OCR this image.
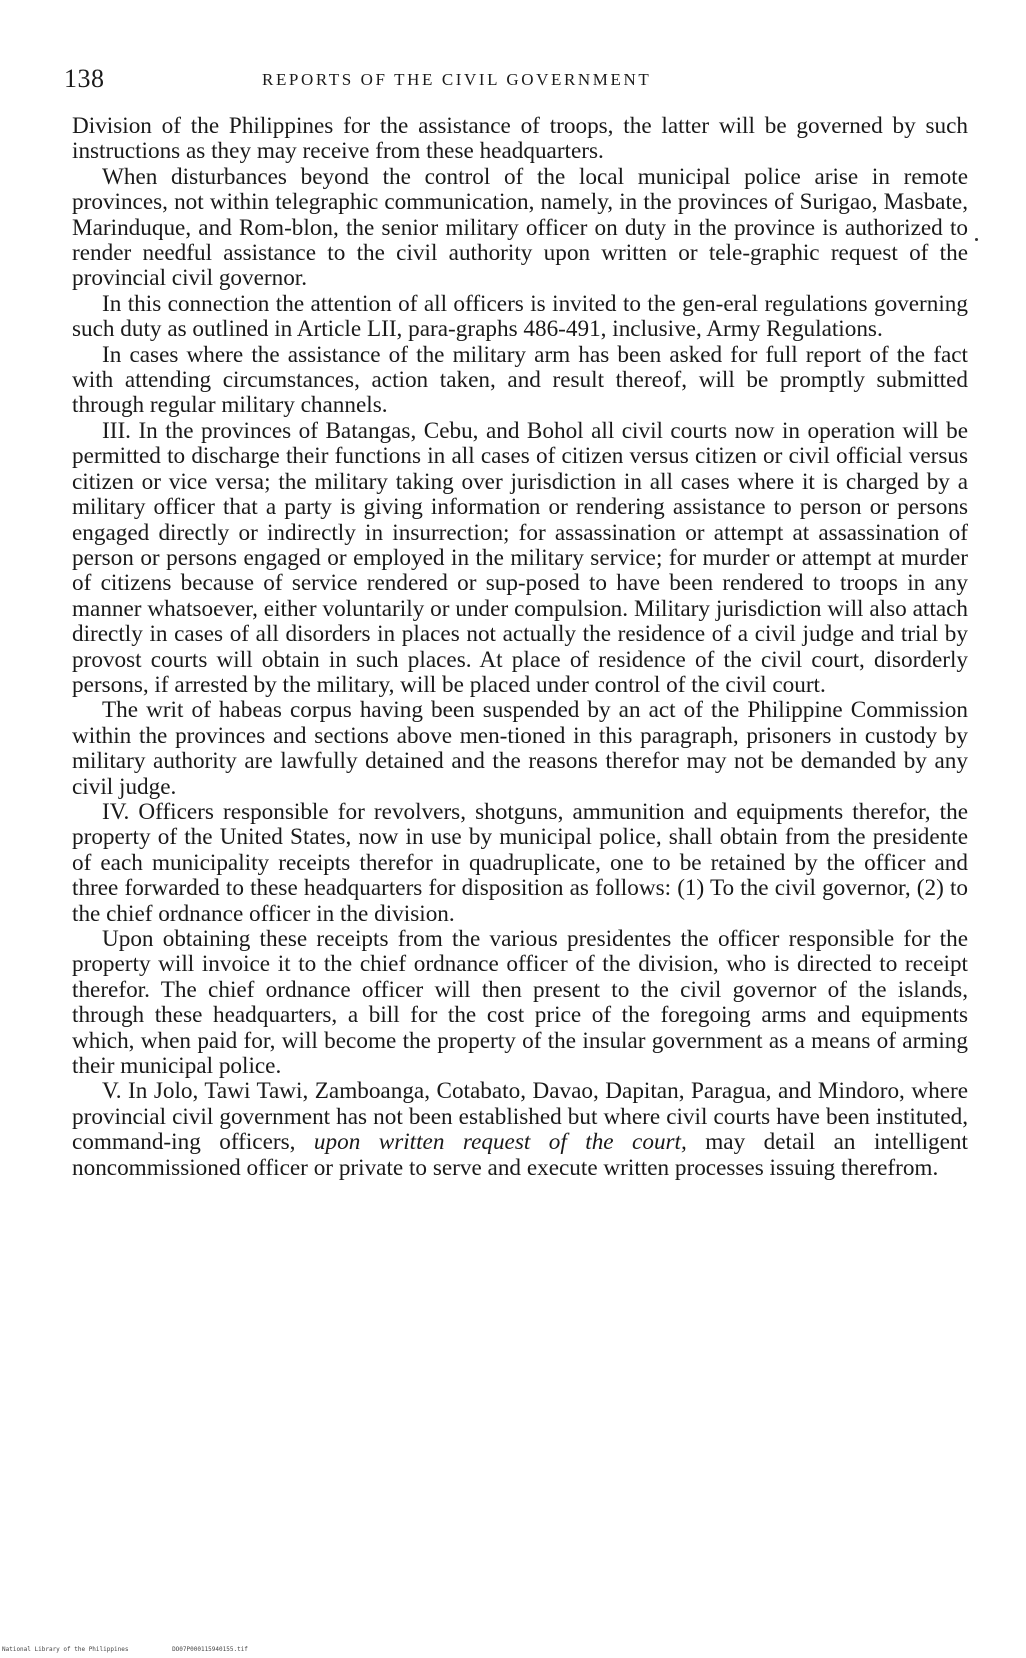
138	REPORTS OF THE CIVIL GOVERNMENT

Division of the Philippines for the assistance of troops, the latter will be governed by such instructions as they may receive from these headquarters.

When disturbances beyond the control of the local municipal police arise in remote provinces, not within telegraphic communication, namely, in the provinces of Surigao, Masbate, Marinduque, and Rom-blon, the senior military officer on duty in the province is authorized to render needful assistance to the civil authority upon written or tele-graphic request of the provincial civil governor.

In this connection the attention of all officers is invited to the gen-eral regulations governing such duty as outlined in Article LII, para-graphs 486-491, inclusive, Army Regulations.

In cases where the assistance of the military arm has been asked for full report of the fact with attending circumstances, action taken, and result thereof, will be promptly submitted through regular military channels.

III. In the provinces of Batangas, Cebu, and Bohol all civil courts now in operation will be permitted to discharge their functions in all cases of citizen versus citizen or civil official versus citizen or vice versa; the military taking over jurisdiction in all cases where it is charged by a military officer that a party is giving information or rendering assistance to person or persons engaged directly or indirectly in insurrection; for assassination or attempt at assassination of person or persons engaged or employed in the military service; for murder or attempt at murder of citizens because of service rendered or sup-posed to have been rendered to troops in any manner whatsoever, either voluntarily or under compulsion. Military jurisdiction will also attach directly in cases of all disorders in places not actually the residence of a civil judge and trial by provost courts will obtain in such places. At place of residence of the civil court, disorderly persons, if arrested by the military, will be placed under control of the civil court.

The writ of habeas corpus having been suspended by an act of the Philippine Commission within the provinces and sections above men-tioned in this paragraph, prisoners in custody by military authority are lawfully detained and the reasons therefor may not be demanded by any civil judge.

IV. Officers responsible for revolvers, shotguns, ammunition and equipments therefor, the property of the United States, now in use by municipal police, shall obtain from the presidente of each municipality receipts therefor in quadruplicate, one to be retained by the officer and three forwarded to these headquarters for disposition as follows: (1) To the civil governor, (2) to the chief ordnance officer in the division.

Upon obtaining these receipts from the various presidentes the officer responsible for the property will invoice it to the chief ordnance officer of the division, who is directed to receipt therefor. The chief ordnance officer will then present to the civil governor of the islands, through these headquarters, a bill for the cost price of the foregoing arms and equipments which, when paid for, will become the property of the insular government as a means of arming their municipal police.

V. In Jolo, Tawi Tawi, Zamboanga, Cotabato, Davao, Dapitan, Paragua, and Mindoro, where provincial civil government has not been established but where civil courts have been instituted, command-ing officers, upon written request of the court, may detail an intelligent noncommissioned officer or private to serve and execute written processes issuing therefrom.

National Library of the Philippines	DO07P000115940155.tif
